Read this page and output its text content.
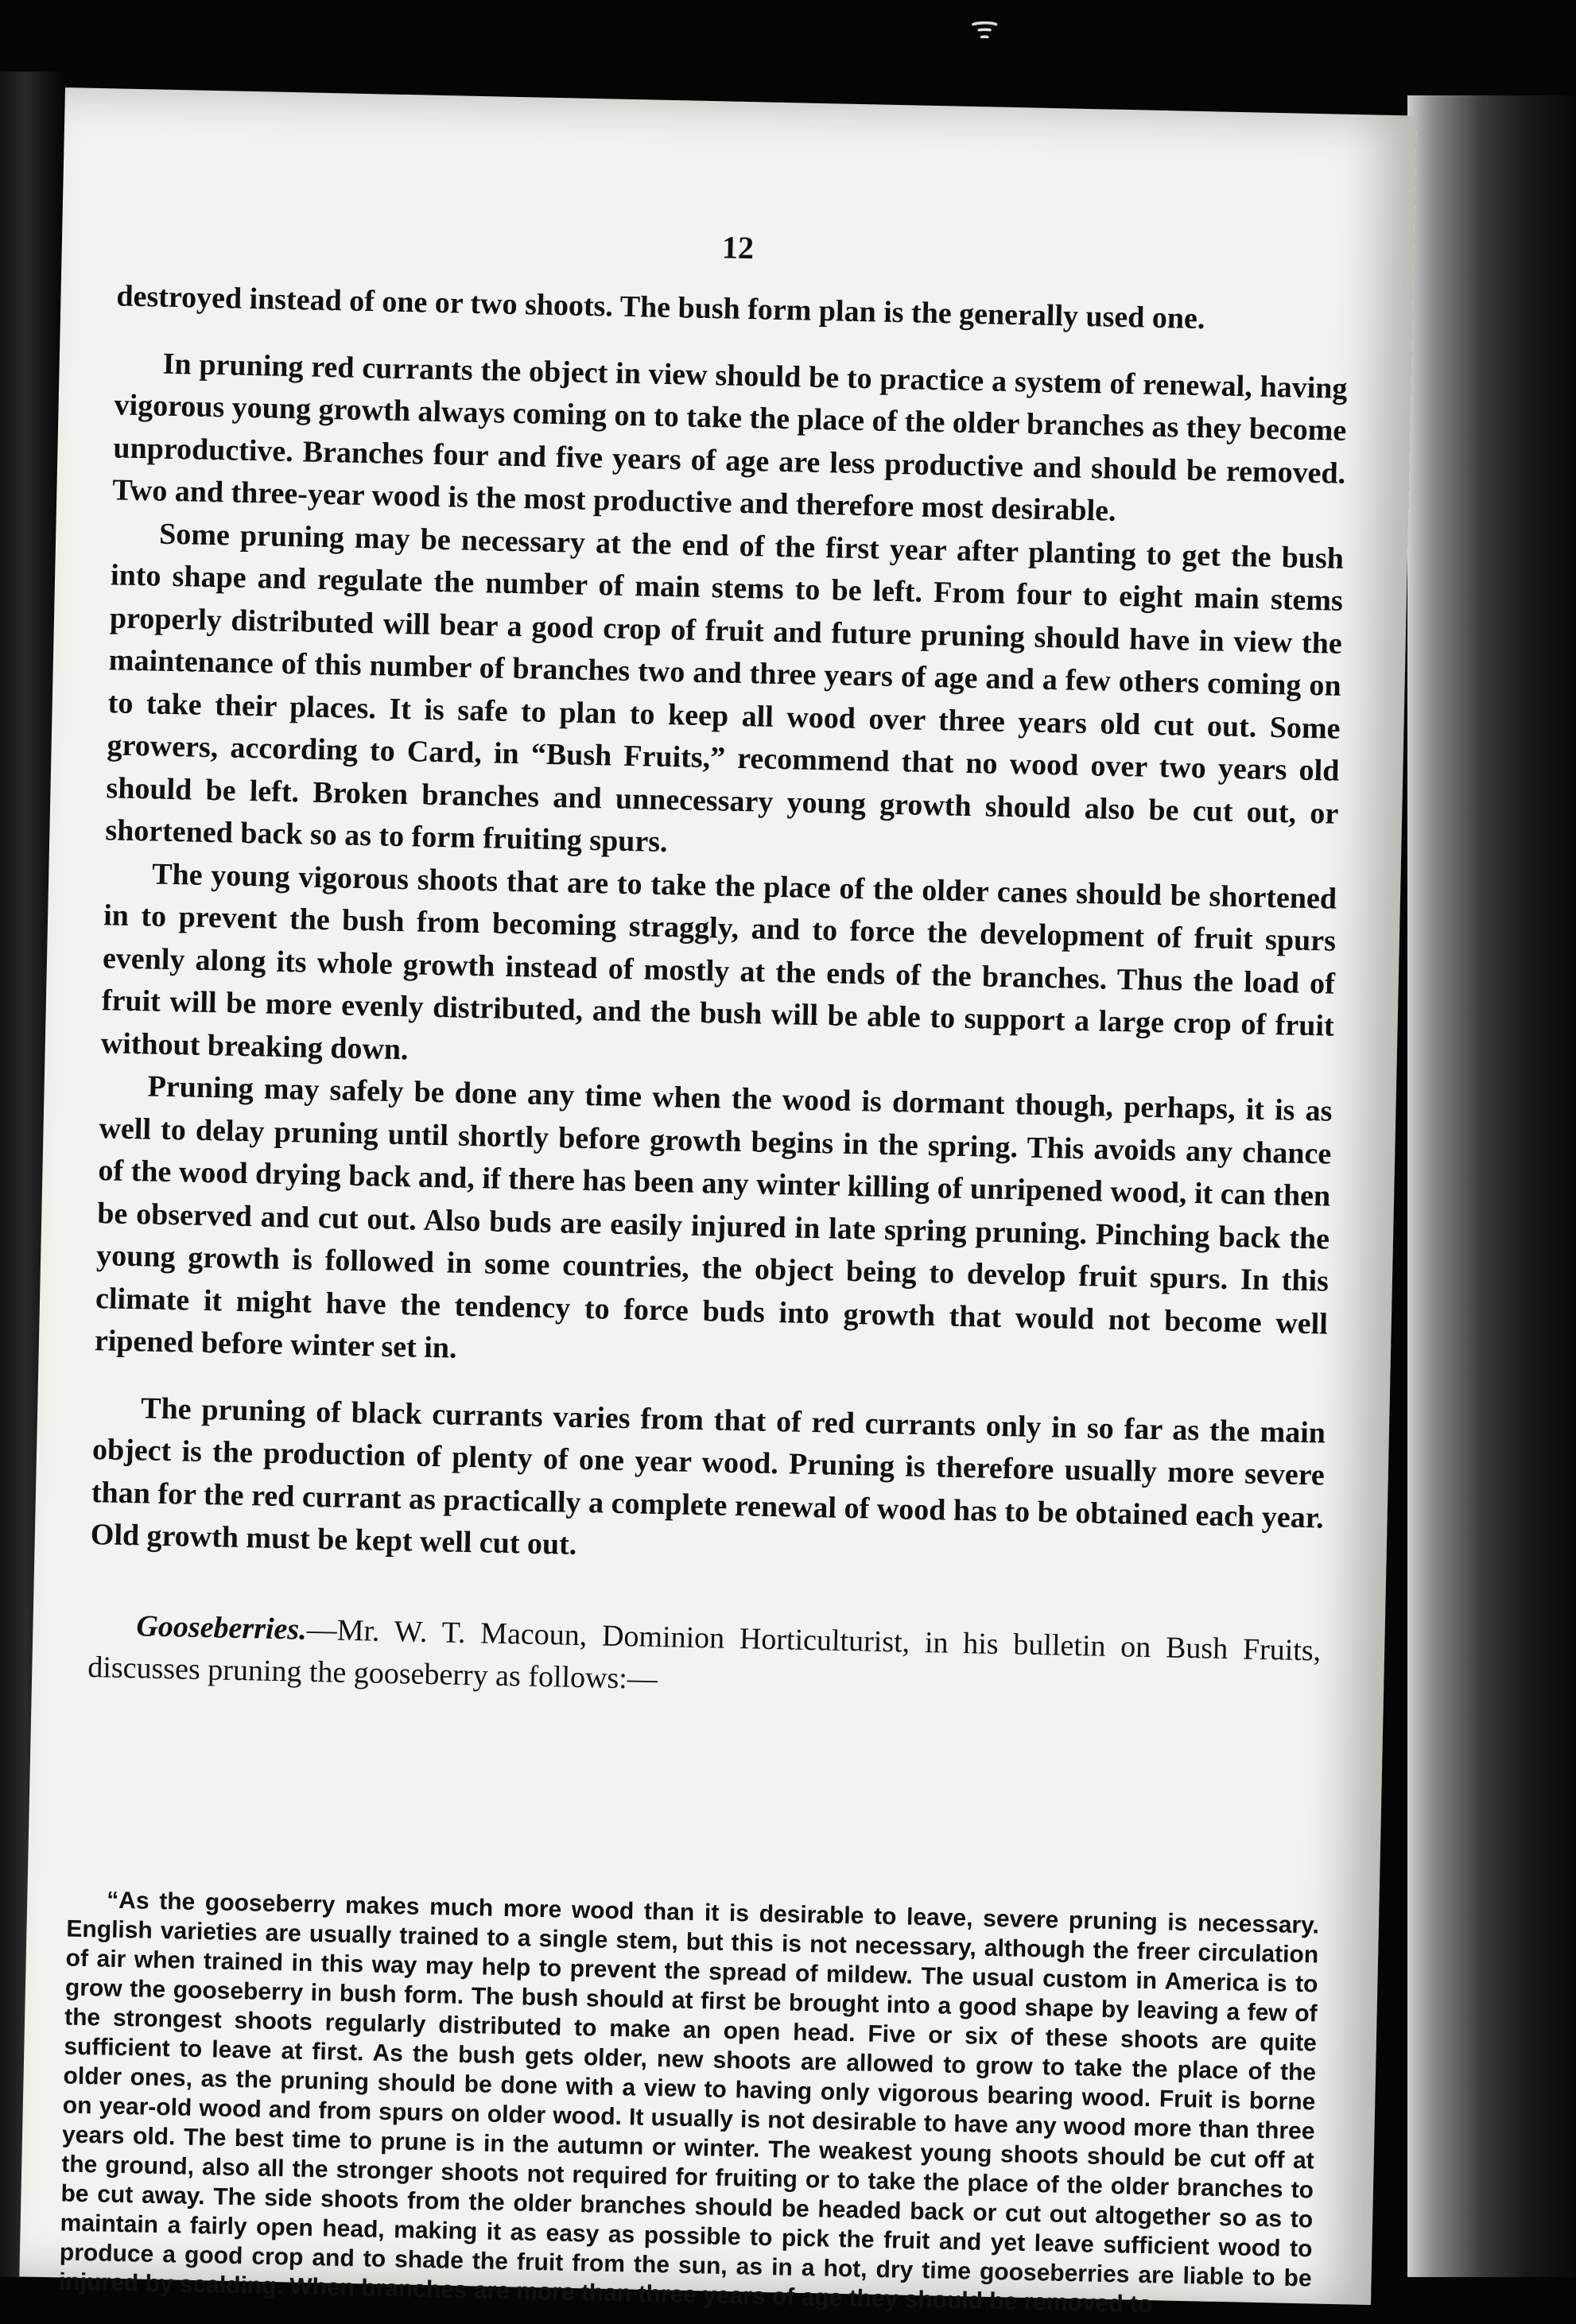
ᯤ
12

destroyed instead of one or two shoots. The bush form plan is the generally used one.

In pruning red currants the object in view should be to practice a system of renewal, having vigorous young growth always coming on to take the place of the older branches as they become unproductive. Branches four and five years of age are less productive and should be removed. Two and three-year wood is the most productive and therefore most desirable.

Some pruning may be necessary at the end of the first year after planting to get the bush into shape and regulate the number of main stems to be left. From four to eight main stems properly distributed will bear a good crop of fruit and future pruning should have in view the maintenance of this number of branches two and three years of age and a few others coming on to take their places. It is safe to plan to keep all wood over three years old cut out. Some growers, according to Card, in “Bush Fruits,” recommend that no wood over two years old should be left. Broken branches and unnecessary young growth should also be cut out, or shortened back so as to form fruiting spurs.

The young vigorous shoots that are to take the place of the older canes should be shortened in to prevent the bush from becoming straggly, and to force the development of fruit spurs evenly along its whole growth instead of mostly at the ends of the branches. Thus the load of fruit will be more evenly distributed, and the bush will be able to support a large crop of fruit without breaking down.

Pruning may safely be done any time when the wood is dormant though, perhaps, it is as well to delay pruning until shortly before growth begins in the spring. This avoids any chance of the wood drying back and, if there has been any winter killing of unripened wood, it can then be observed and cut out. Also buds are easily injured in late spring pruning. Pinching back the young growth is followed in some countries, the object being to develop fruit spurs. In this climate it might have the tendency to force buds into growth that would not become well ripened before winter set in.

The pruning of black currants varies from that of red currants only in so far as the main object is the production of plenty of one year wood. Pruning is therefore usually more severe than for the red currant as practically a complete renewal of wood has to be obtained each year. Old growth must be kept well cut out.

Gooseberries.—Mr. W. T. Macoun, Dominion Horticulturist, in his bulletin on Bush Fruits, discusses pruning the gooseberry as follows:—

“As the gooseberry makes much more wood than it is desirable to leave, severe pruning is necessary. English varieties are usually trained to a single stem, but this is not necessary, although the freer circulation of air when trained in this way may help to prevent the spread of mildew. The usual custom in America is to grow the gooseberry in bush form. The bush should at first be brought into a good shape by leaving a few of the strongest shoots regularly distributed to make an open head. Five or six of these shoots are quite sufficient to leave at first. As the bush gets older, new shoots are allowed to grow to take the place of the older ones, as the pruning should be done with a view to having only vigorous bearing wood. Fruit is borne on year-old wood and from spurs on older wood. It usually is not desirable to have any wood more than three years old. The best time to prune is in the autumn or winter. The weakest young shoots should be cut off at the ground, also all the stronger shoots not required for fruiting or to take the place of the older branches to be cut away. The side shoots from the older branches should be headed back or cut out altogether so as to maintain a fairly open head, making it as easy as possible to pick the fruit and yet leave sufficient wood to produce a good crop and to shade the fruit from the sun, as in a hot, dry time gooseberries are liable to be injured by scalding. When branches are more than three years of age they should be removed to
